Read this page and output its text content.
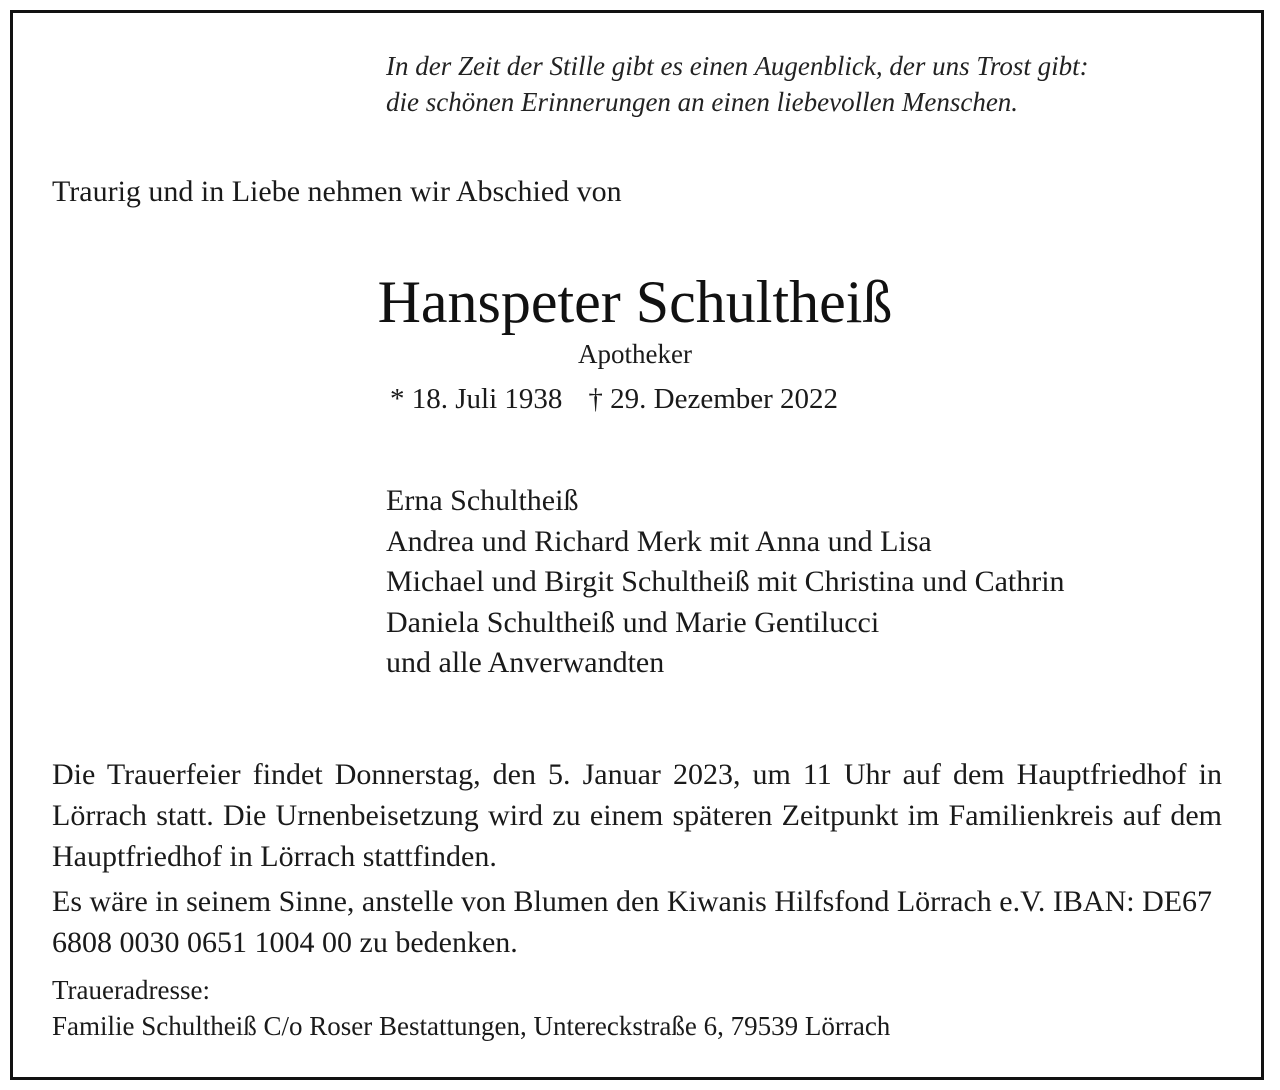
In der Zeit der Stille gibt es einen Augenblick, der uns Trost gibt:
die schönen Erinnerungen an einen liebevollen Menschen.
Traurig und in Liebe nehmen wir Abschied von
Hanspeter Schultheiß
Apotheker
* 18. Juli 1938 † 29. Dezember 2022
Erna Schultheiß
Andrea und Richard Merk mit Anna und Lisa
Michael und Birgit Schultheiß mit Christina und Cathrin
Daniela Schultheiß und Marie Gentilucci
und alle Anverwandten
Die Trauerfeier findet Donnerstag, den 5. Januar 2023, um 11 Uhr auf dem Hauptfriedhof in Lörrach statt. Die Urnenbeisetzung wird zu einem späteren Zeitpunkt im Familienkreis auf dem Hauptfriedhof in Lörrach stattfinden.
Es wäre in seinem Sinne, anstelle von Blumen den Kiwanis Hilfsfond Lörrach e.V. IBAN: DE67 6808 0030 0651 1004 00 zu bedenken.
Traueradresse:
Familie Schultheiß C/o Roser Bestattungen, Untereckstraße 6, 79539 Lörrach
